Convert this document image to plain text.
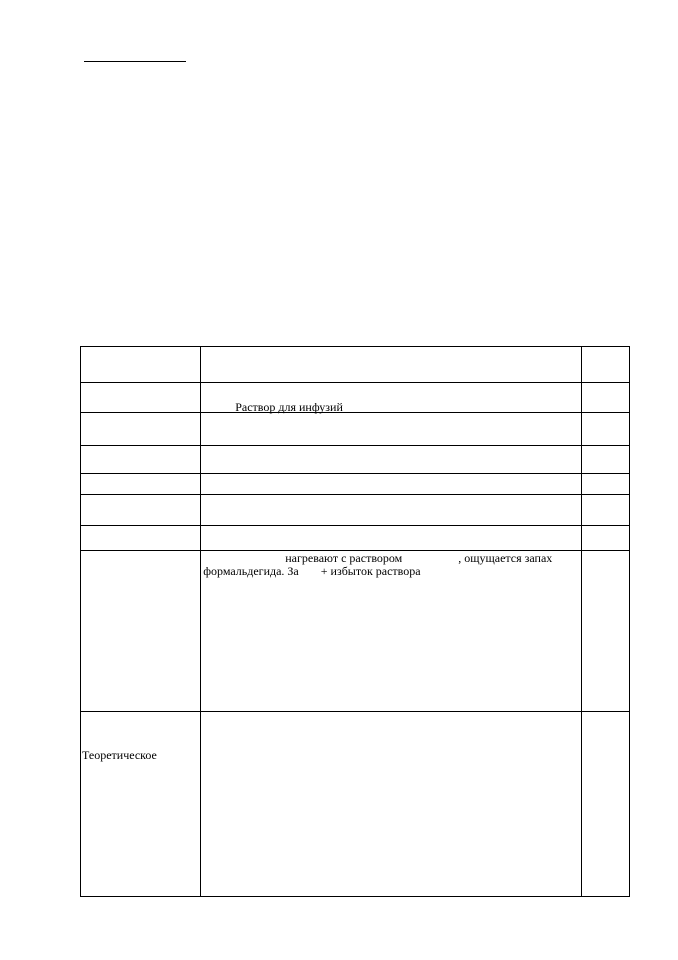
	Раствор для инфузий	

	нагревают с раствором , ощущается запах
формальдегида. За + избыток раствора	

Теоретическое		
